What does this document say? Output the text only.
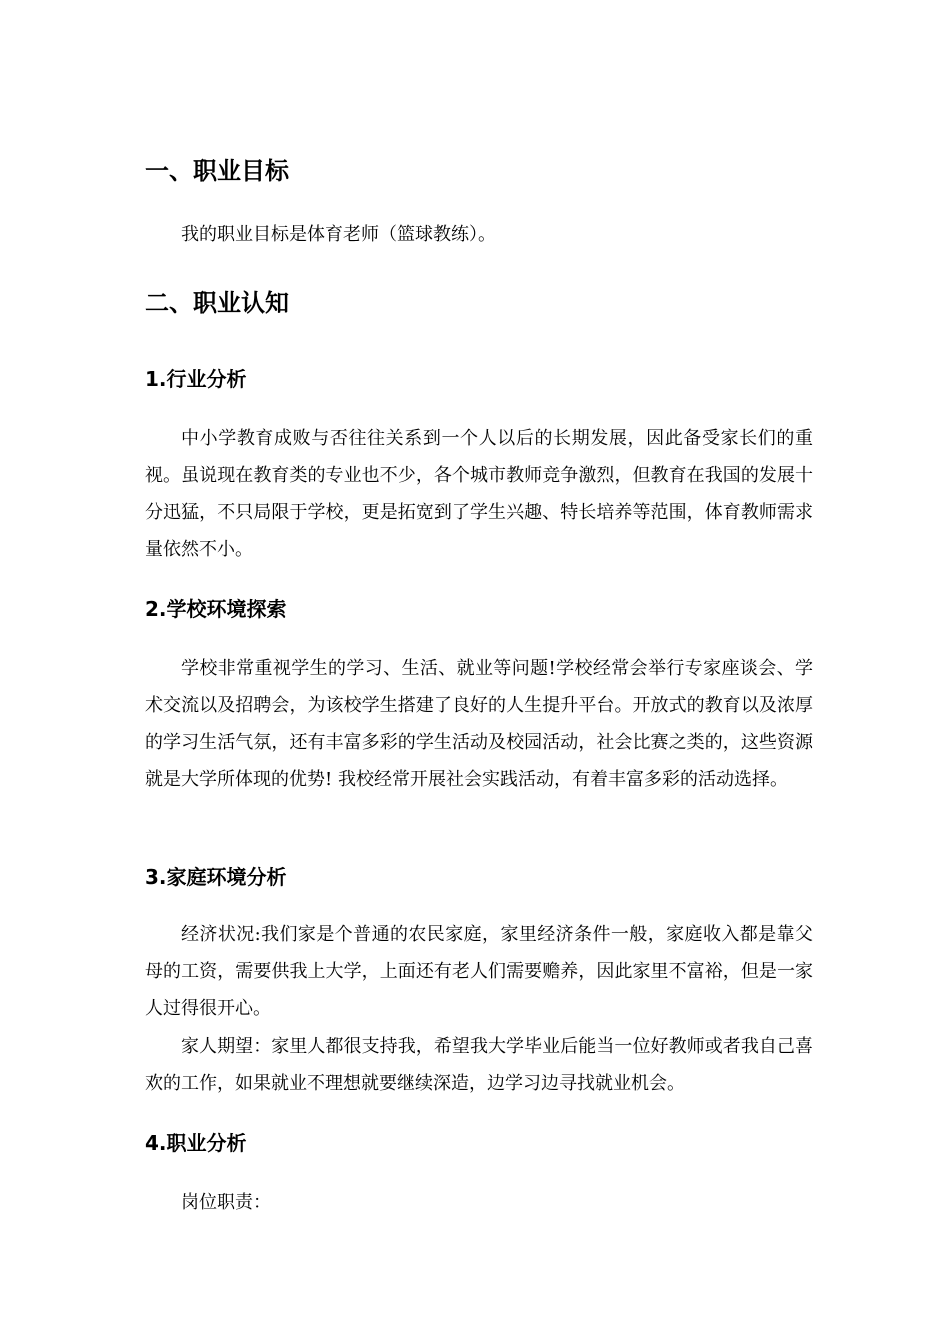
一、职业目标

我的职业目标是体育老师（篮球教练）。

二、职业认知
1.行业分析

中小学教育成败与否往往关系到一个人以后的长期发展，因此备受家长们的重视。虽说现在教育类的专业也不少，各个城市教师竞争激烈，但教育在我国的发展十分迅猛，不只局限于学校，更是拓宽到了学生兴趣、特长培养等范围，体育教师需求量依然不小。

2.学校环境探索

学校非常重视学生的学习、生活、就业等问题!学校经常会举行专家座谈会、学术交流以及招聘会，为该校学生搭建了良好的人生提升平台。开放式的教育以及浓厚的学习生活气氛，还有丰富多彩的学生活动及校园活动，社会比赛之类的，这些资源就是大学所体现的优势! 我校经常开展社会实践活动，有着丰富多彩的活动选择。

3.家庭环境分析

经济状况:我们家是个普通的农民家庭，家里经济条件一般，家庭收入都是靠父母的工资，需要供我上大学，上面还有老人们需要赡养，因此家里不富裕，但是一家人过得很开心。

家人期望：家里人都很支持我，希望我大学毕业后能当一位好教师或者我自己喜欢的工作，如果就业不理想就要继续深造，边学习边寻找就业机会。

4.职业分析

岗位职责：
